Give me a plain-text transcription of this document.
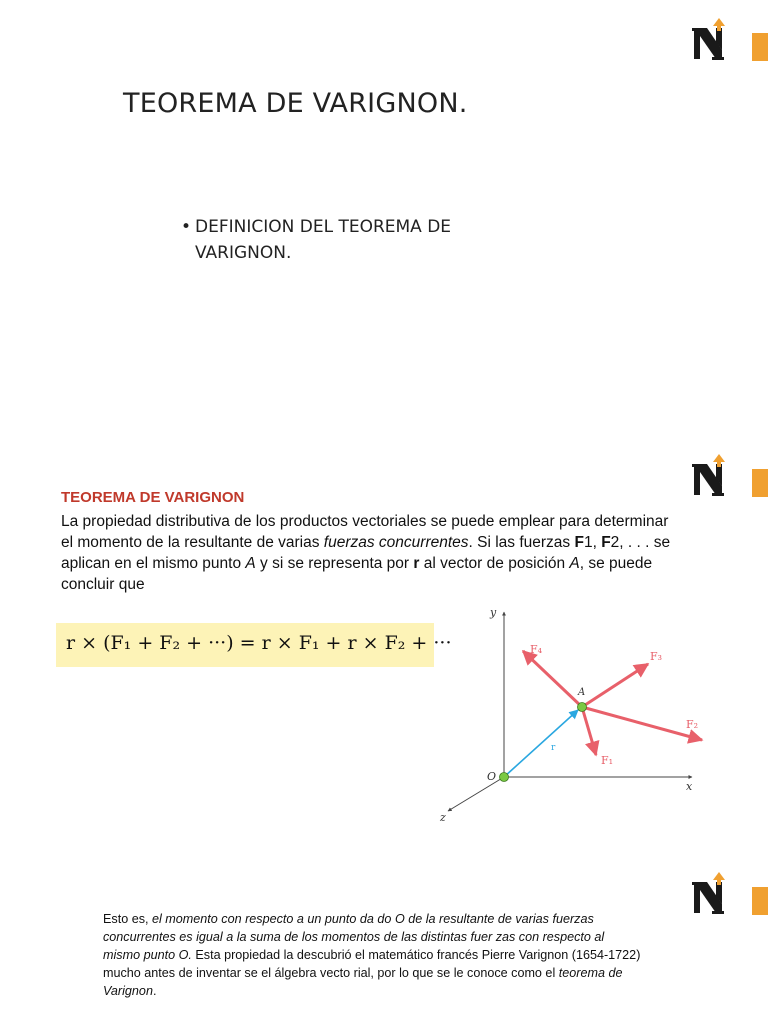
TEOREMA DE VARIGNON.
• DEFINICION DEL TEOREMA DE VARIGNON.
TEOREMA DE VARIGNON

La propiedad distributiva de los productos vectoriales se puede emplear para determinar el momento de la resultante de varias fuerzas concurrentes. Si las fuerzas F1, F2, . . . se aplican en el mismo punto A y si se representa por r al vector de posición A, se puede concluir que

r × (F₁ + F₂ + ···) = r × F₁ + r × F₂ + ···
y
x
z
O
A
r
F₁
F₂
F₃
F₄

Esto es, el momento con respecto a un punto da do O de la resultante de varias fuerzas concurrentes es igual a la suma de los momentos de las distintas fuer zas con respecto al mismo punto O. Esta propiedad la descubrió el matemático francés Pierre Varignon (1654-1722) mucho antes de inventar se el álgebra vecto rial, por lo que se le conoce como el teorema de Varignon.
